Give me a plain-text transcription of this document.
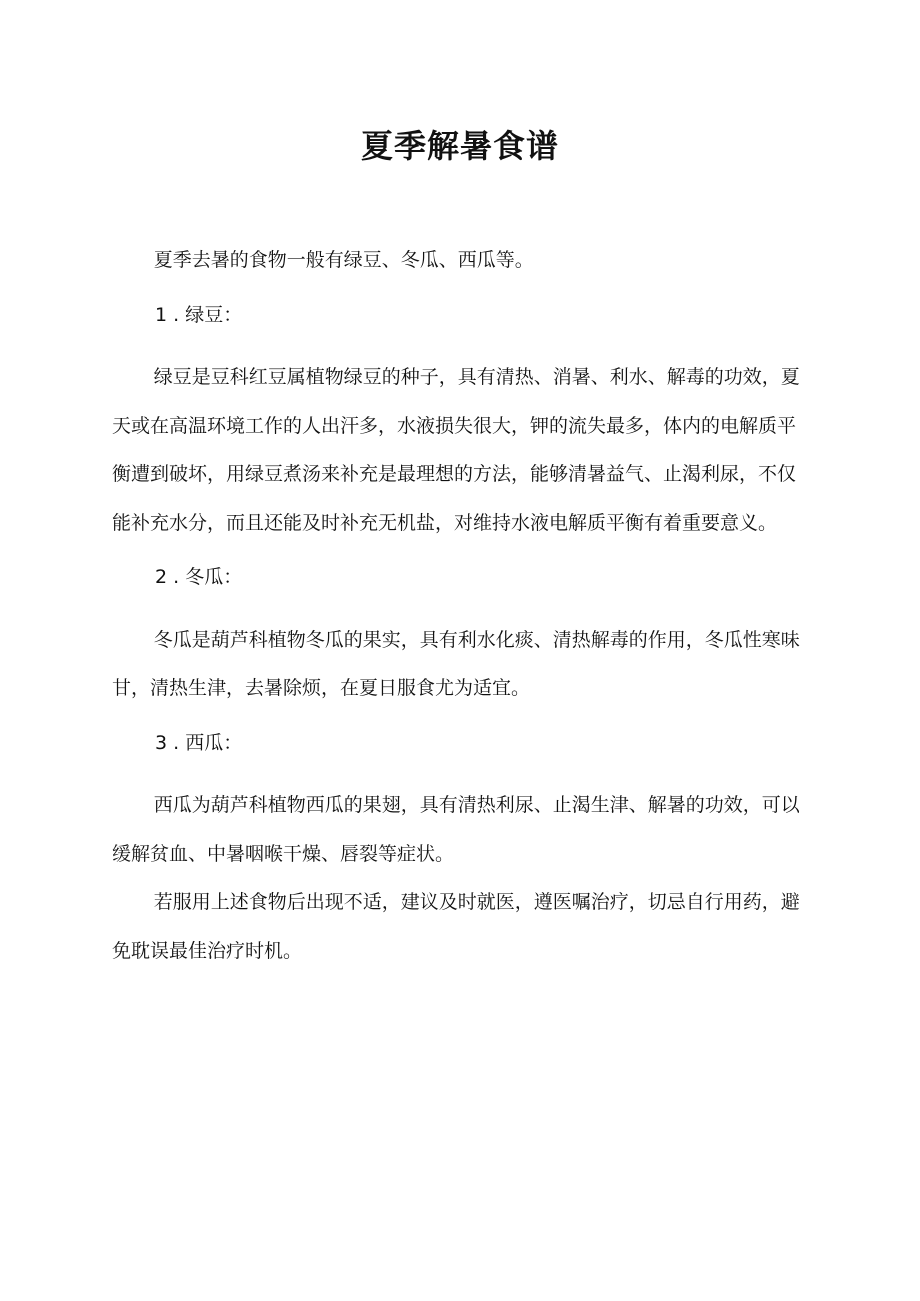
夏季解暑食谱

夏季去暑的食物一般有绿豆、冬瓜、西瓜等。

1 . 绿豆：

绿豆是豆科红豆属植物绿豆的种子，具有清热、消暑、利水、解毒的功效，夏天或在高温环境工作的人出汗多，水液损失很大，钾的流失最多，体内的电解质平衡遭到破坏，用绿豆煮汤来补充是最理想的方法，能够清暑益气、止渴利尿，不仅能补充水分，而且还能及时补充无机盐，对维持水液电解质平衡有着重要意义。

2 . 冬瓜：

冬瓜是葫芦科植物冬瓜的果实，具有利水化痰、清热解毒的作用，冬瓜性寒味甘，清热生津，去暑除烦，在夏日服食尤为适宜。

3 . 西瓜：

西瓜为葫芦科植物西瓜的果翅，具有清热利尿、止渴生津、解暑的功效，可以缓解贫血、中暑咽喉干燥、唇裂等症状。

若服用上述食物后出现不适，建议及时就医，遵医嘱治疗，切忌自行用药，避免耽误最佳治疗时机。
